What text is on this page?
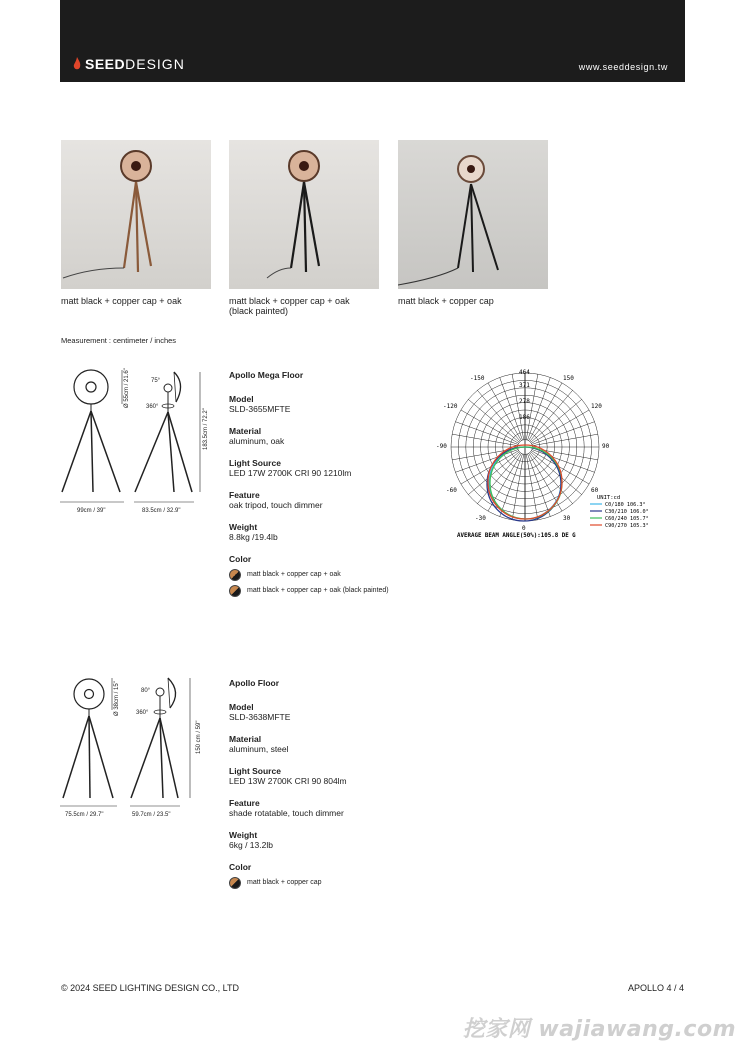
SEEDDESIGN	www.seeddesign.tw
matt black + copper cap + oak	matt black + copper cap + oak (black painted)
matt black + copper cap
Measurement : centimeter / inches
Ø 55cm / 21.6"
99cm / 39"
75°
360°
83.5cm / 32.9"
183.5cm / 72.2"
Apollo Mega Floor
Model
SLD-3655MFTE
Material
aluminum, oak
Light Source
LED 17W 2700K CRI 90 1210lm
Feature
oak tripod, touch dimmer
Weight
8.8kg /19.4lb
Color
matt black + copper cap + oak
matt black + copper cap + oak (black painted)
464
371
278
186
-150	150
-120	120
-90	90
-60	60
-30	30
0
UNIT:cd
C0/180 106.3°
C30/210 106.0°
C60/240 105.7°
C90/270 105.3°
AVERAGE BEAM ANGLE(50%):105.8 DE G
Ø 38cm / 15"
75.5cm / 29.7"
80°
360°
59.7cm / 23.5"
150 cm / 59"
Apollo Floor
Model
SLD-3638MFTE
Material
aluminum, steel
Light Source
LED 13W 2700K CRI 90 804lm
Feature
shade rotatable, touch dimmer
Weight
6kg / 13.2lb
Color
matt black + copper cap
© 2024 SEED LIGHTING DESIGN CO., LTD	APOLLO 4 / 4
挖家网 wajiawang.com
